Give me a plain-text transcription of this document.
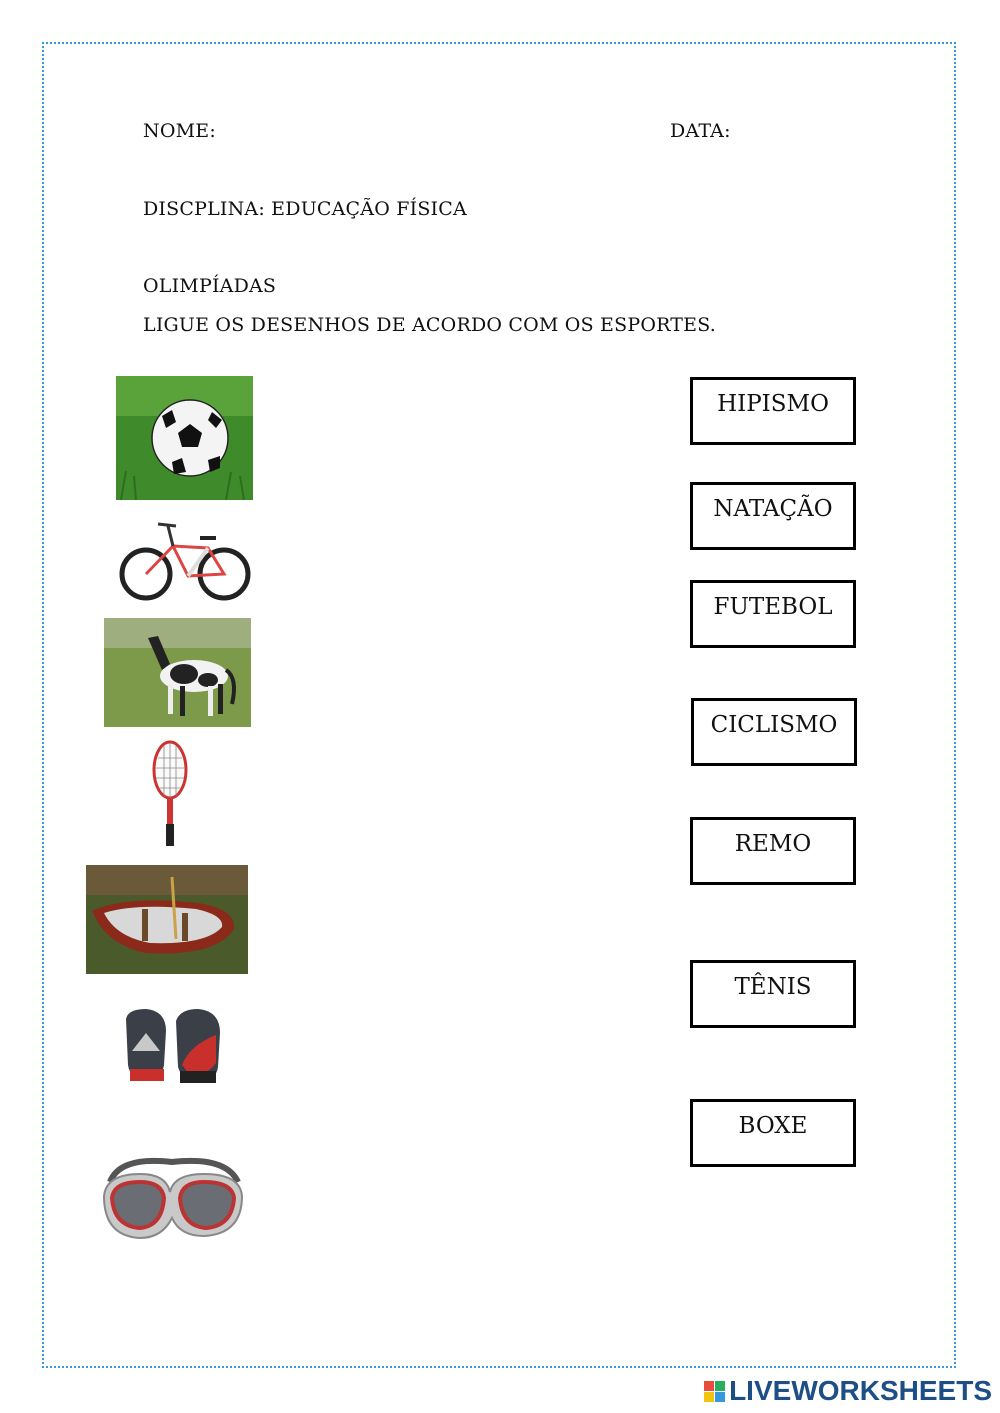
NOME:	DATA:
DISCPLINA: EDUCAÇÃO FÍSICA
OLIMPÍADAS
LIGUE OS DESENHOS DE ACORDO COM OS ESPORTES.
HIPISMO
NATAÇÃO
FUTEBOL
CICLISMO
REMO
TÊNIS
BOXE
LIVEWORKSHEETS
